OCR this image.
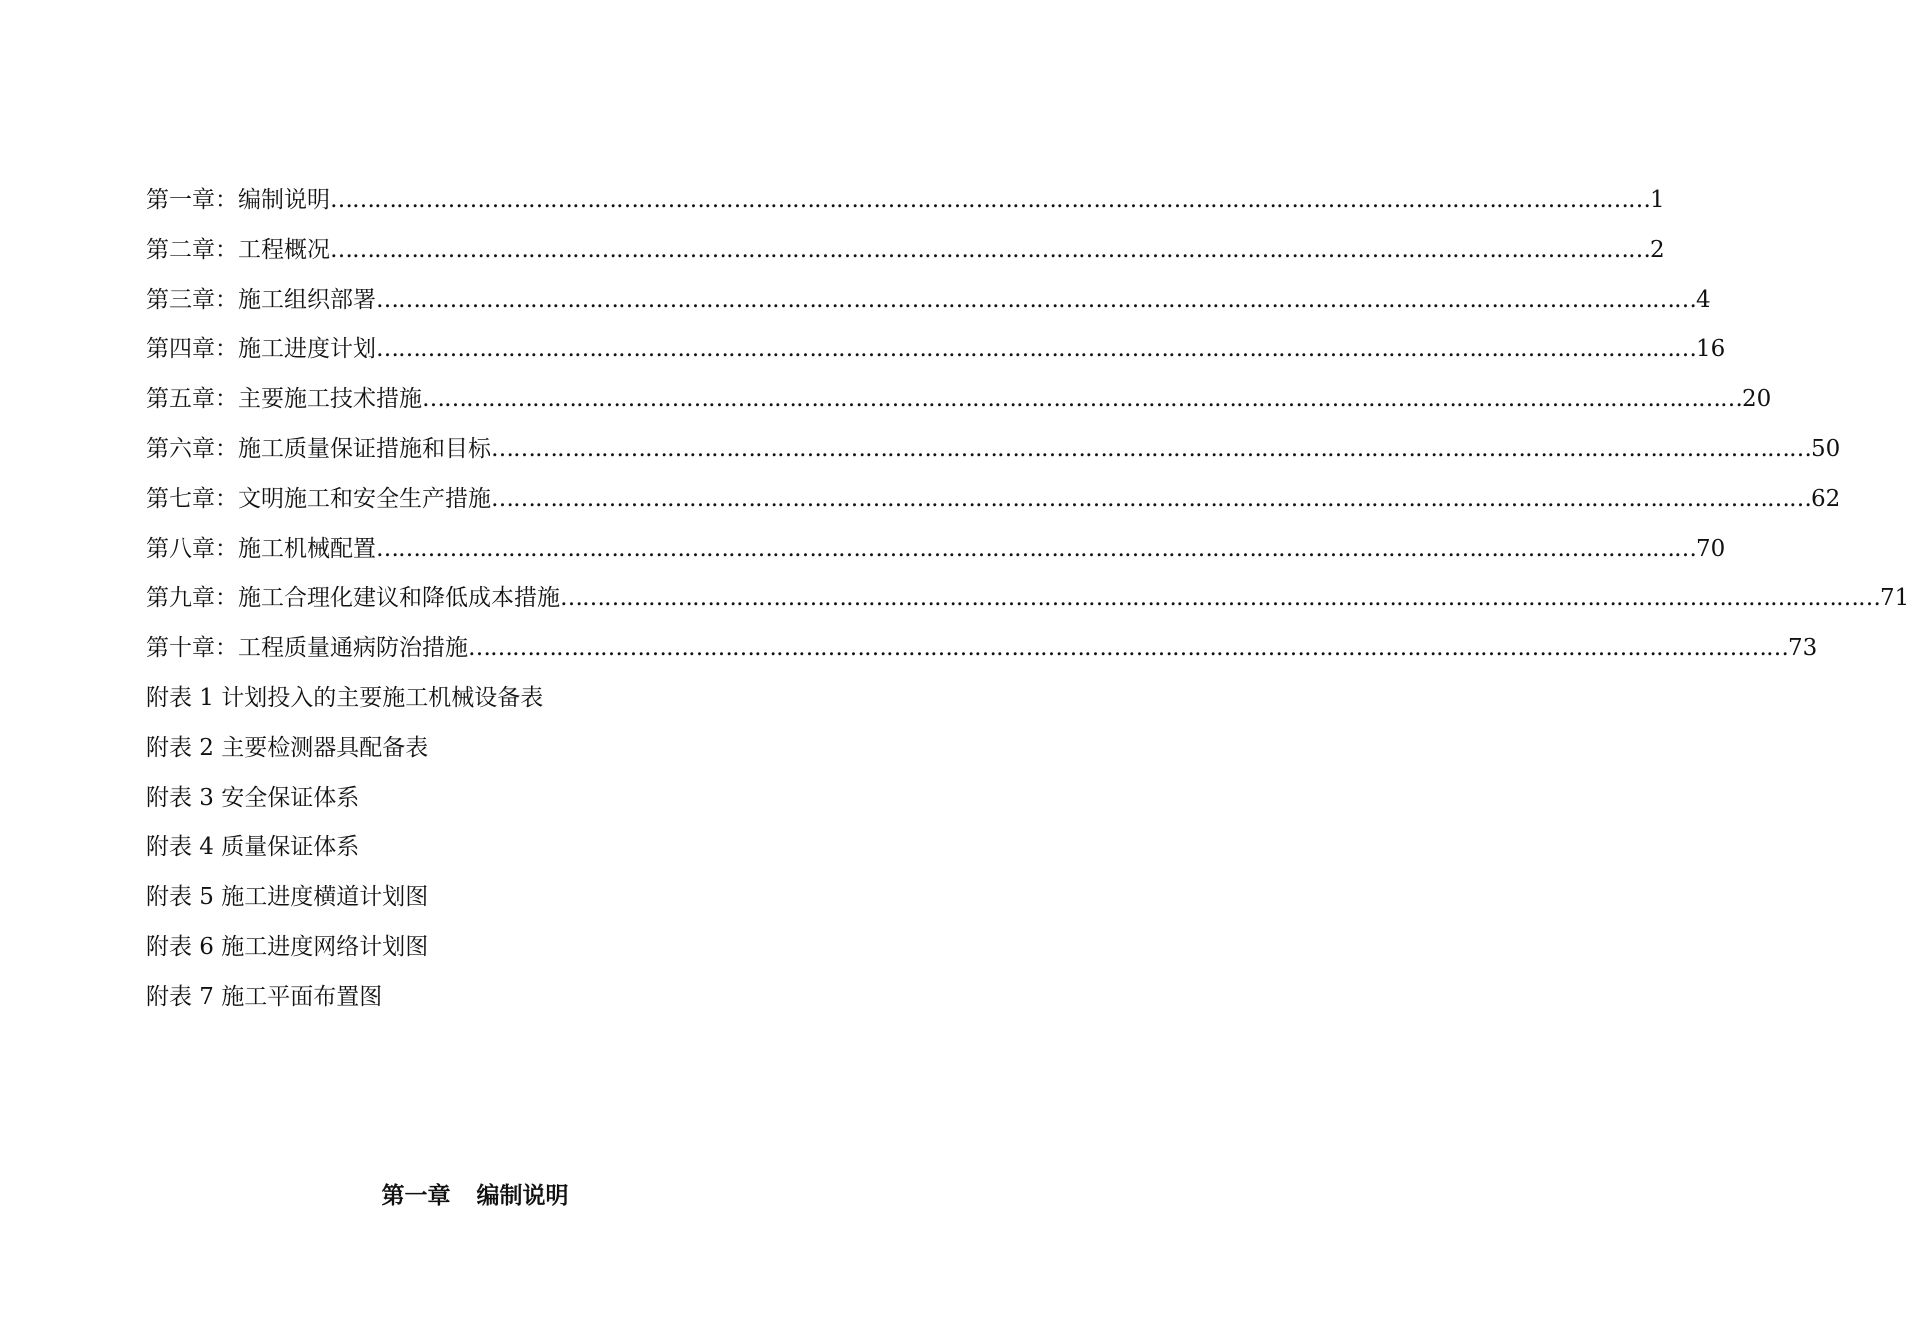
第一章：编制说明 ……………………………………………………………………………………………………………………………………………………………… 1
第二章：工程概况 ……………………………………………………………………………………………………………………………………………………………… 2
第三章：施工组织部署 ……………………………………………………………………………………………………………………………………………………………… 4
第四章：施工进度计划 ……………………………………………………………………………………………………………………………………………………………… 16
第五章：主要施工技术措施 ……………………………………………………………………………………………………………………………………………………………… 20
第六章：施工质量保证措施和目标 ……………………………………………………………………………………………………………………………………………………………… 50
第七章：文明施工和安全生产措施 ……………………………………………………………………………………………………………………………………………………………… 62
第八章：施工机械配置 ……………………………………………………………………………………………………………………………………………………………… 70
第九章：施工合理化建议和降低成本措施 ……………………………………………………………………………………………………………………………………………………………… 71
第十章：工程质量通病防治措施 ……………………………………………………………………………………………………………………………………………………………… 73
附表 1 计划投入的主要施工机械设备表
附表 2 主要检测器具配备表
附表 3 安全保证体系
附表 4 质量保证体系
附表 5 施工进度横道计划图
附表 6 施工进度网络计划图
附表 7 施工平面布置图
第一章 编制说明
